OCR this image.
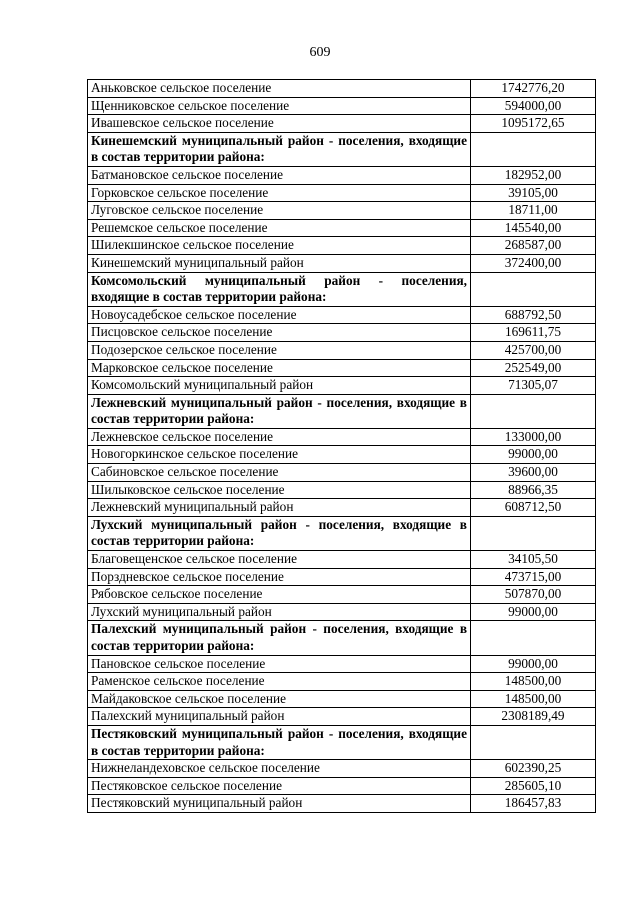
609
Аньковское сельское поселение	1742776,20
Щенниковское сельское поселение	594000,00
Ивашевское сельское поселение	1095172,65
Кинешемский муниципальный район - поселения, входящие в состав территории района:	
Батмановское сельское поселение	182952,00
Горковское сельское поселение	39105,00
Луговское сельское поселение	18711,00
Решемское сельское поселение	145540,00
Шилекшинское сельское поселение	268587,00
Кинешемский муниципальный район	372400,00
Комсомольский муниципальный район - поселения, входящие в состав территории района:	
Новоусадебское сельское поселение	688792,50
Писцовское сельское поселение	169611,75
Подозерское сельское поселение	425700,00
Марковское сельское поселение	252549,00
Комсомольский муниципальный район	71305,07
Лежневский муниципальный район - поселения, входящие в состав территории района:	
Лежневское сельское поселение	133000,00
Новогоркинское сельское поселение	99000,00
Сабиновское сельское поселение	39600,00
Шилыковское сельское поселение	88966,35
Лежневский муниципальный район	608712,50
Лухский муниципальный район - поселения, входящие в состав территории района:	
Благовещенское сельское поселение	34105,50
Порздневское сельское поселение	473715,00
Рябовское сельское поселение	507870,00
Лухский муниципальный район	99000,00
Палехский муниципальный район - поселения, входящие в состав территории района:	
Пановское сельское поселение	99000,00
Раменское сельское поселение	148500,00
Майдаковское сельское поселение	148500,00
Палехский муниципальный район	2308189,49
Пестяковский муниципальный район - поселения, входящие в состав территории района:	
Нижнеландеховское сельское поселение	602390,25
Пестяковское сельское поселение	285605,10
Пестяковский муниципальный район	186457,83
